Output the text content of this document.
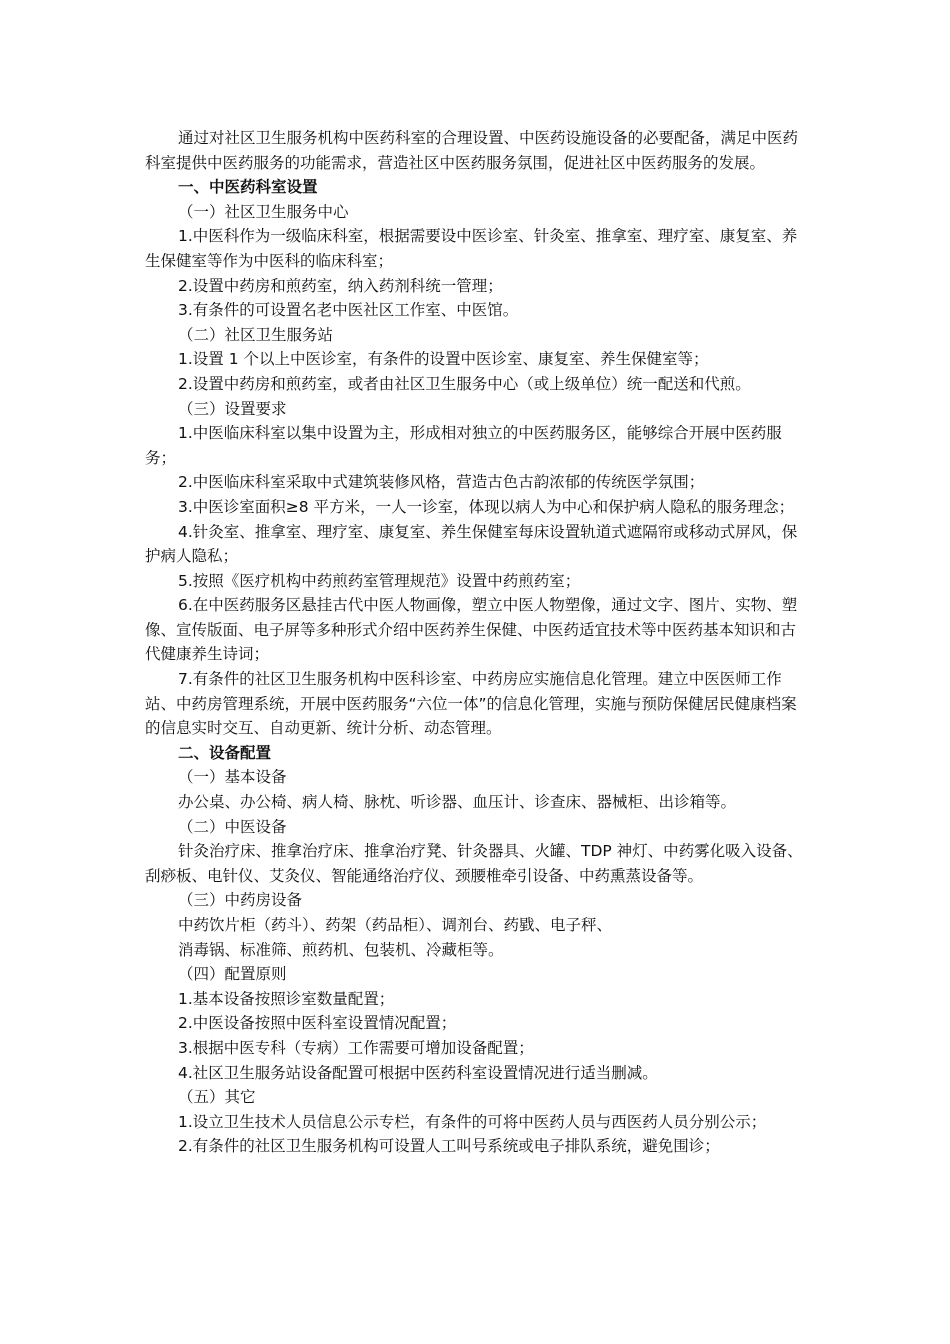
通过对社区卫生服务机构中医药科室的合理设置、中医药设施设备的必要配备，满足中医药科室提供中医药服务的功能需求，营造社区中医药服务氛围，促进社区中医药服务的发展。

一、中医药科室设置

（一）社区卫生服务中心

1.中医科作为一级临床科室，根据需要设中医诊室、针灸室、推拿室、理疗室、康复室、养生保健室等作为中医科的临床科室；

2.设置中药房和煎药室，纳入药剂科统一管理；

3.有条件的可设置名老中医社区工作室、中医馆。

（二）社区卫生服务站

1.设置 1 个以上中医诊室，有条件的设置中医诊室、康复室、养生保健室等；

2.设置中药房和煎药室，或者由社区卫生服务中心（或上级单位）统一配送和代煎。

（三）设置要求

1.中医临床科室以集中设置为主，形成相对独立的中医药服务区，能够综合开展中医药服务；

2.中医临床科室采取中式建筑装修风格，营造古色古韵浓郁的传统医学氛围；

3.中医诊室面积≥8 平方米，一人一诊室，体现以病人为中心和保护病人隐私的服务理念；

4.针灸室、推拿室、理疗室、康复室、养生保健室每床设置轨道式遮隔帘或移动式屏风，保护病人隐私；

5.按照《医疗机构中药煎药室管理规范》设置中药煎药室；

6.在中医药服务区悬挂古代中医人物画像，塑立中医人物塑像，通过文字、图片、实物、塑像、宣传版面、电子屏等多种形式介绍中医药养生保健、中医药适宜技术等中医药基本知识和古代健康养生诗词；

7.有条件的社区卫生服务机构中医科诊室、中药房应实施信息化管理。建立中医医师工作站、中药房管理系统，开展中医药服务“六位一体”的信息化管理，实施与预防保健居民健康档案的信息实时交互、自动更新、统计分析、动态管理。

二、设备配置

（一）基本设备

办公桌、办公椅、病人椅、脉枕、听诊器、血压计、诊查床、器械柜、出诊箱等。

（二）中医设备

针灸治疗床、推拿治疗床、推拿治疗凳、针灸器具、火罐、TDP 神灯、中药雾化吸入设备、刮痧板、电针仪、艾灸仪、智能通络治疗仪、颈腰椎牵引设备、中药熏蒸设备等。

（三）中药房设备

中药饮片柜（药斗）、药架（药品柜）、调剂台、药戥、电子秤、

消毒锅、标准筛、煎药机、包装机、冷藏柜等。

（四）配置原则

1.基本设备按照诊室数量配置；

2.中医设备按照中医科室设置情况配置；

3.根据中医专科（专病）工作需要可增加设备配置；

4.社区卫生服务站设备配置可根据中医药科室设置情况进行适当删减。

（五）其它

1.设立卫生技术人员信息公示专栏，有条件的可将中医药人员与西医药人员分别公示；

2.有条件的社区卫生服务机构可设置人工叫号系统或电子排队系统，避免围诊；
